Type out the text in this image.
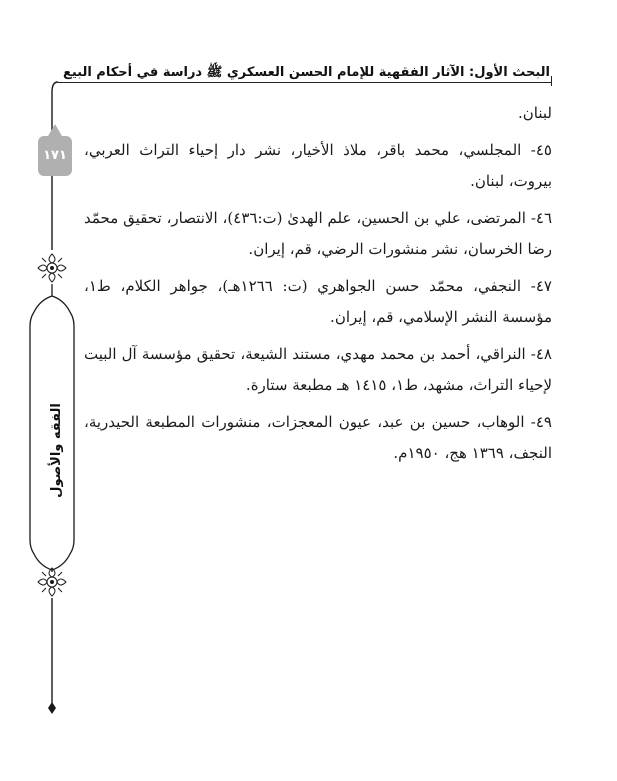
البحث الأول: الآثار الفقهية للإمام الحسن العسكري ﷺ دراسة في أحكام البيع
١٧١
الفقه والأصول

لبنان.

٤٥- المجلسي، محمد باقر، ملاذ الأخيار، نشر دار إحياء التراث العربي، بيروت، لبنان.

٤٦- المرتضى، علي بن الحسين، علم الهدىٰ (ت:٤٣٦)، الانتصار، تحقيق محمّد رضا الخرسان، نشر منشورات الرضي، قم، إيران.

٤٧- النجفي، محمّد حسن الجواهري (ت: ١٢٦٦هـ)، جواهر الكلام، ط١، مؤسسة النشر الإسلامي، قم، إيران.

٤٨- النراقي، أحمد بن محمد مهدي، مستند الشيعة، تحقيق مؤسسة آل البيت لإحياء التراث، مشهد، ط١، ١٤١٥ هـ مطبعة ستارة.

٤٩- الوهاب، حسين بن عبد، عيون المعجزات، منشورات المطبعة الحيدرية، النجف، ١٣٦٩ هج، ١٩٥٠م.
